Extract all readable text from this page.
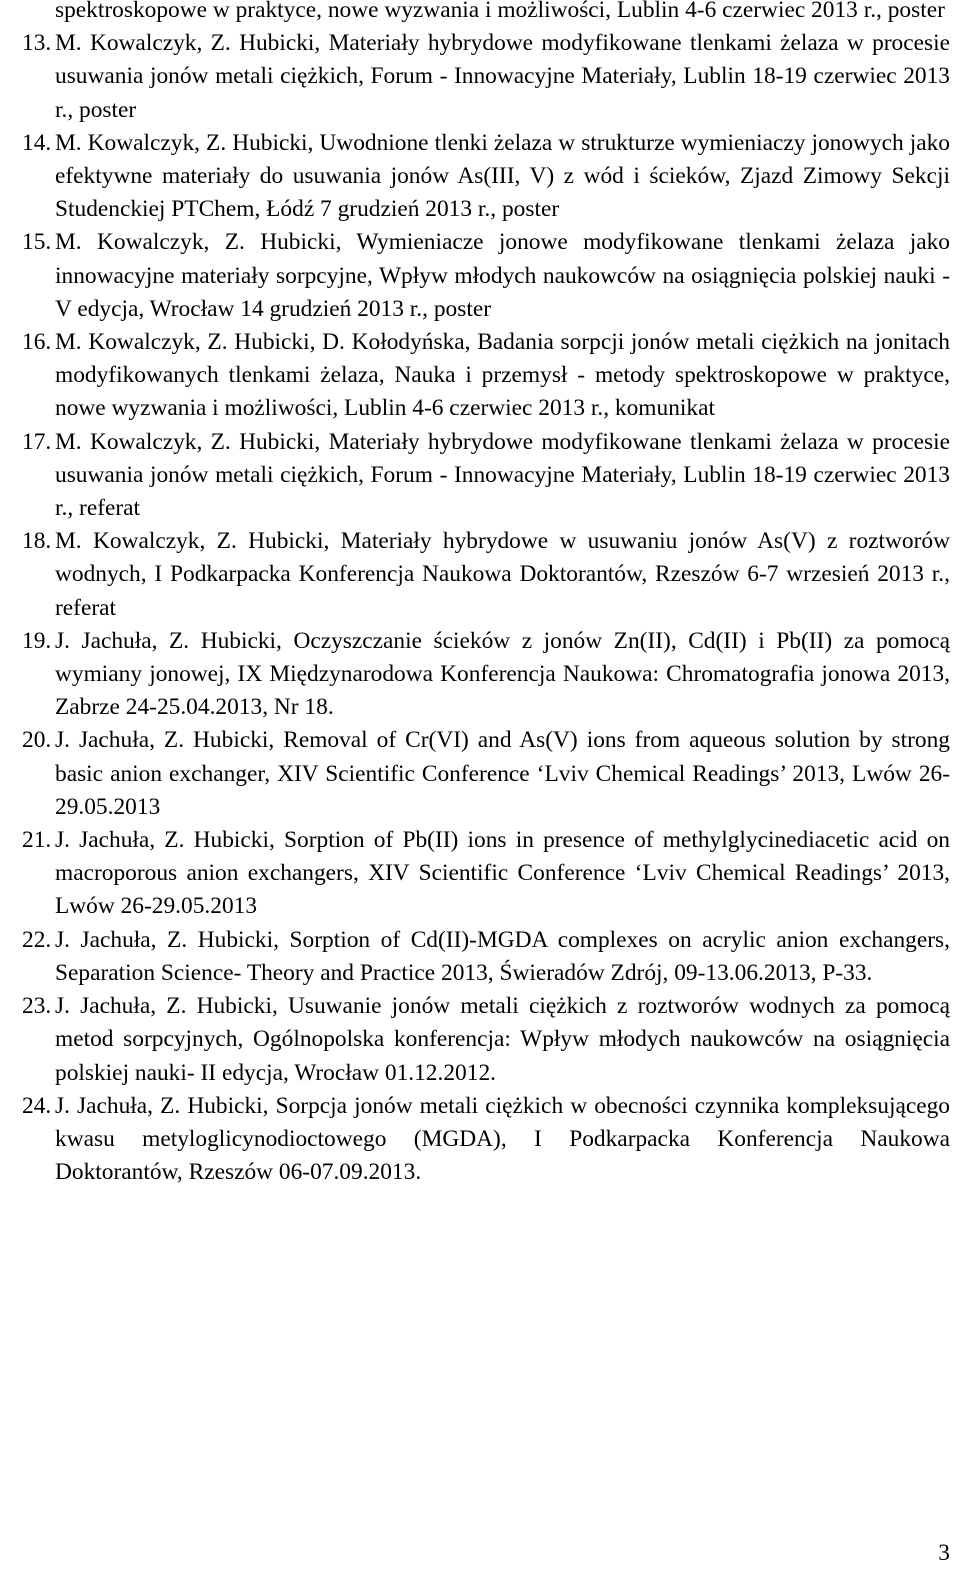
spektroskopowe w praktyce, nowe wyzwania i możliwości, Lublin 4-6 czerwiec 2013 r., poster
13. M. Kowalczyk, Z. Hubicki, Materiały hybrydowe modyfikowane tlenkami żelaza w procesie usuwania jonów metali ciężkich, Forum - Innowacyjne Materiały, Lublin 18-19 czerwiec 2013 r., poster
14. M. Kowalczyk, Z. Hubicki, Uwodnione tlenki żelaza w strukturze wymieniaczy jonowych jako efektywne materiały do usuwania jonów As(III, V) z wód i ścieków, Zjazd Zimowy Sekcji Studenckiej PTChem, Łódź 7 grudzień 2013 r., poster
15. M. Kowalczyk, Z. Hubicki, Wymieniacze jonowe modyfikowane tlenkami żelaza jako innowacyjne materiały sorpcyjne, Wpływ młodych naukowców na osiągnięcia polskiej nauki - V edycja, Wrocław 14 grudzień 2013 r., poster
16. M. Kowalczyk, Z. Hubicki, D. Kołodyńska, Badania sorpcji jonów metali ciężkich na jonitach modyfikowanych tlenkami żelaza, Nauka i przemysł - metody spektroskopowe w praktyce, nowe wyzwania i możliwości, Lublin 4-6 czerwiec 2013 r., komunikat
17. M. Kowalczyk, Z. Hubicki, Materiały hybrydowe modyfikowane tlenkami żelaza w procesie usuwania jonów metali ciężkich, Forum - Innowacyjne Materiały, Lublin 18-19 czerwiec 2013 r., referat
18. M. Kowalczyk, Z. Hubicki, Materiały hybrydowe w usuwaniu jonów As(V) z roztworów wodnych, I Podkarpacka Konferencja Naukowa Doktorantów, Rzeszów 6-7 wrzesień 2013 r., referat
19. J. Jachuła, Z. Hubicki, Oczyszczanie ścieków z jonów Zn(II), Cd(II) i Pb(II) za pomocą wymiany jonowej, IX Międzynarodowa Konferencja Naukowa: Chromatografia jonowa 2013, Zabrze 24-25.04.2013, Nr 18.
20. J. Jachuła, Z. Hubicki, Removal of Cr(VI) and As(V) ions from aqueous solution by strong basic anion exchanger, XIV Scientific Conference ‘Lviv Chemical Readings’ 2013, Lwów 26-29.05.2013
21. J. Jachuła, Z. Hubicki, Sorption of Pb(II) ions in presence of methylglycinediacetic acid on macroporous anion exchangers, XIV Scientific Conference ‘Lviv Chemical Readings’ 2013, Lwów 26-29.05.2013
22. J. Jachuła, Z. Hubicki, Sorption of Cd(II)-MGDA complexes on acrylic anion exchangers, Separation Science- Theory and Practice 2013, Świeradów Zdrój, 09-13.06.2013, P-33.
23. J. Jachuła, Z. Hubicki, Usuwanie jonów metali ciężkich z roztworów wodnych za pomocą metod sorpcyjnych, Ogólnopolska konferencja: Wpływ młodych naukowców na osiągnięcia polskiej nauki- II edycja, Wrocław 01.12.2012.
24. J. Jachuła, Z. Hubicki, Sorpcja jonów metali ciężkich w obecności czynnika kompleksującego kwasu metyloglicynodioctowego (MGDA), I Podkarpacka Konferencja Naukowa Doktorantów, Rzeszów 06-07.09.2013.
3
